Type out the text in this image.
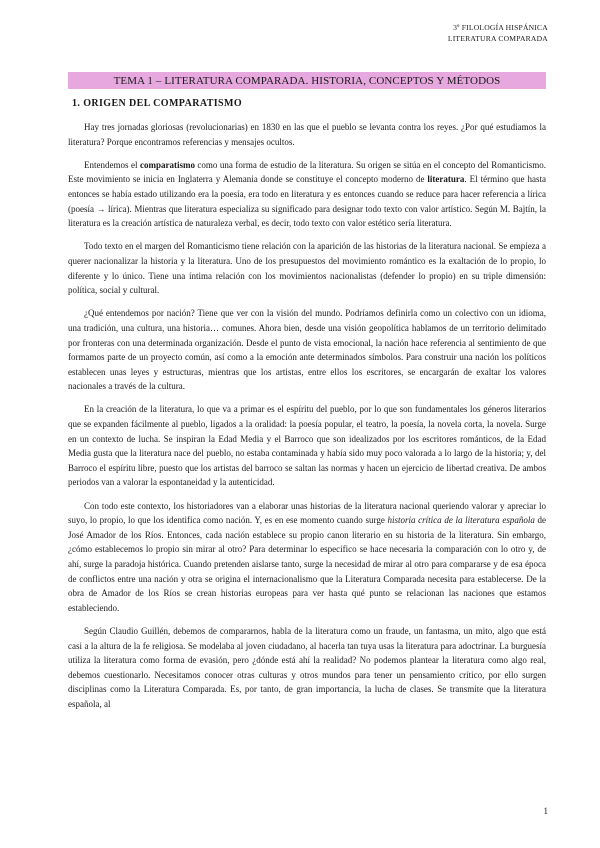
3º FILOLOGÍA HISPÁNICA
LITERATURA COMPARADA
TEMA 1 – LITERATURA COMPARADA. HISTORIA, CONCEPTOS Y MÉTODOS
1. ORIGEN DEL COMPARATISMO

Hay tres jornadas gloriosas (revolucionarias) en 1830 en las que el pueblo se levanta contra los reyes. ¿Por qué estudiamos la literatura? Porque encontramos referencias y mensajes ocultos.

Entendemos el comparatismo como una forma de estudio de la literatura. Su origen se sitúa en el concepto del Romanticismo. Este movimiento se inicia en Inglaterra y Alemania donde se constituye el concepto moderno de literatura. El término que hasta entonces se había estado utilizando era la poesía, era todo en literatura y es entonces cuando se reduce para hacer referencia a lírica (poesía → lírica). Mientras que literatura especializa su significado para designar todo texto con valor artístico. Según M. Bajtín, la literatura es la creación artística de naturaleza verbal, es decir, todo texto con valor estético sería literatura.

Todo texto en el margen del Romanticismo tiene relación con la aparición de las historias de la literatura nacional. Se empieza a querer nacionalizar la historia y la literatura. Uno de los presupuestos del movimiento romántico es la exaltación de lo propio, lo diferente y lo único. Tiene una íntima relación con los movimientos nacionalistas (defender lo propio) en su triple dimensión: política, social y cultural.

¿Qué entendemos por nación? Tiene que ver con la visión del mundo. Podríamos definirla como un colectivo con un idioma, una tradición, una cultura, una historia… comunes. Ahora bien, desde una visión geopolítica hablamos de un territorio delimitado por fronteras con una determinada organización. Desde el punto de vista emocional, la nación hace referencia al sentimiento de que formamos parte de un proyecto común, así como a la emoción ante determinados símbolos. Para construir una nación los políticos establecen unas leyes y estructuras, mientras que los artistas, entre ellos los escritores, se encargarán de exaltar los valores nacionales a través de la cultura.

En la creación de la literatura, lo que va a primar es el espíritu del pueblo, por lo que son fundamentales los géneros literarios que se expanden fácilmente al pueblo, ligados a la oralidad: la poesía popular, el teatro, la poesía, la novela corta, la novela. Surge en un contexto de lucha. Se inspiran la Edad Media y el Barroco que son idealizados por los escritores románticos, de la Edad Media gusta que la literatura nace del pueblo, no estaba contaminada y había sido muy poco valorada a lo largo de la historia; y, del Barroco el espíritu libre, puesto que los artistas del barroco se saltan las normas y hacen un ejercicio de libertad creativa. De ambos periodos van a valorar la espontaneidad y la autenticidad.

Con todo este contexto, los historiadores van a elaborar unas historias de la literatura nacional queriendo valorar y apreciar lo suyo, lo propio, lo que los identifica como nación. Y, es en ese momento cuando surge historia crítica de la literatura española de José Amador de los Ríos. Entonces, cada nación establece su propio canon literario en su historia de la literatura. Sin embargo, ¿cómo establecemos lo propio sin mirar al otro? Para determinar lo específico se hace necesaria la comparación con lo otro y, de ahí, surge la paradoja histórica. Cuando pretenden aislarse tanto, surge la necesidad de mirar al otro para compararse y de esa época de conflictos entre una nación y otra se origina el internacionalismo que la Literatura Comparada necesita para establecerse. De la obra de Amador de los Ríos se crean historias europeas para ver hasta qué punto se relacionan las naciones que estamos estableciendo.

Según Claudio Guillén, debemos de compararnos, habla de la literatura como un fraude, un fantasma, un mito, algo que está casi a la altura de la fe religiosa. Se modelaba al joven ciudadano, al hacerla tan tuya usas la literatura para adoctrinar. La burguesía utiliza la literatura como forma de evasión, pero ¿dónde está ahí la realidad? No podemos plantear la literatura como algo real, debemos cuestionarlo. Necesitamos conocer otras culturas y otros mundos para tener un pensamiento crítico, por ello surgen disciplinas como la Literatura Comparada. Es, por tanto, de gran importancia, la lucha de clases. Se transmite que la literatura española, al

1
